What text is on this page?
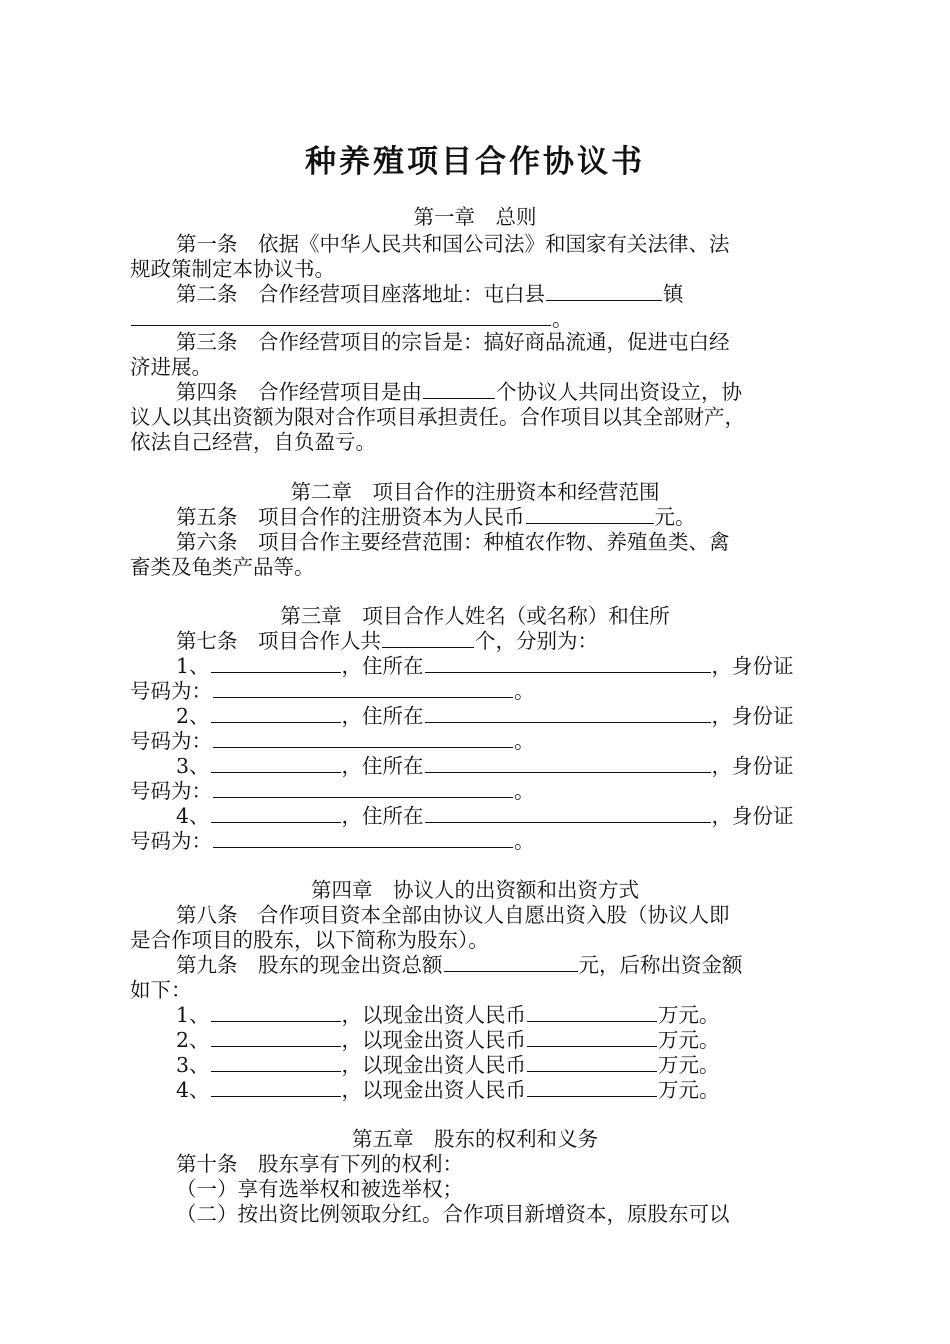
种养殖项目合作协议书
第一章　总则
第一条　依据《中华人民共和国公司法》和国家有关法律、法
规政策制定本协议书。
第二条　合作经营项目座落地址：屯白县	镇
。
第三条　合作经营项目的宗旨是：搞好商品流通，促进屯白经
济进展。
第四条　合作经营项目是由	个协议人共同出资设立，协
议人以其出资额为限对合作项目承担责任。合作项目以其全部财产，
依法自己经营，自负盈亏。
第二章　项目合作的注册资本和经营范围
第五条　项目合作的注册资本为人民币	元。
第六条　项目合作主要经营范围：种植农作物、养殖鱼类、禽
畜类及龟类产品等。
第三章　项目合作人姓名（或名称）和住所
第七条　项目合作人共	个，分别为：
1、	，住所在	，身份证
号码为：	。
2、	，住所在	，身份证
号码为：	。
3、	，住所在	，身份证
号码为：	。
4、	，住所在	，身份证
号码为：	。
第四章　协议人的出资额和出资方式
第八条　合作项目资本全部由协议人自愿出资入股（协议人即
是合作项目的股东，以下简称为股东）。
第九条　股东的现金出资总额	元，后称出资金额
如下：
1、	，以现金出资人民币	万元。
2、	，以现金出资人民币	万元。
3、	，以现金出资人民币	万元。
4、	，以现金出资人民币	万元。
第五章　股东的权利和义务
第十条　股东享有下列的权利：
（一）享有选举权和被选举权；
（二）按出资比例领取分红。合作项目新增资本，原股东可以
